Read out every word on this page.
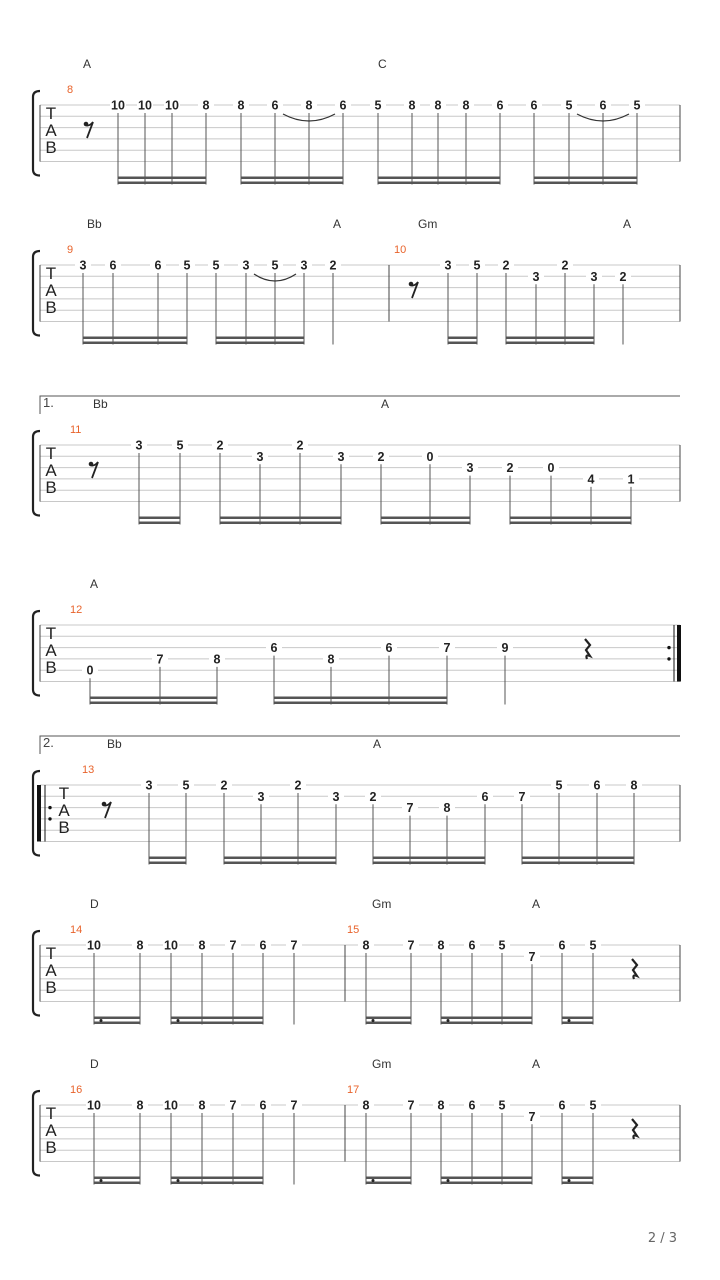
A	C
T
A
B
8
10 10 10 8 8 6 8 6 5 8 8 8 6 6 5 6 5
Bb	A	Gm	A
T
A
B
9
3 6	6 5 5 3 5 3 2
10
3 5 2
3
2
3 2
1.	Bb	A
T
A
B
11
3	5	2
3
2
3	2	0
3	2	0
4	1
A
T
A
B
12
0
7	8
6
8
6	7	9
2.	Bb	A
T
A
B
13
3 5 2
3
2
3 2
7 8
6 7
5 6 8
D	Gm	A
T
A
B
14
10	8 10 8 7 6 7
15
8	7 8 6 5
7
6 5
D	Gm	A
T
A
B
16
10	8 10 8 7 6 7
17
8	7 8 6 5
7
6 5
2 / 3
